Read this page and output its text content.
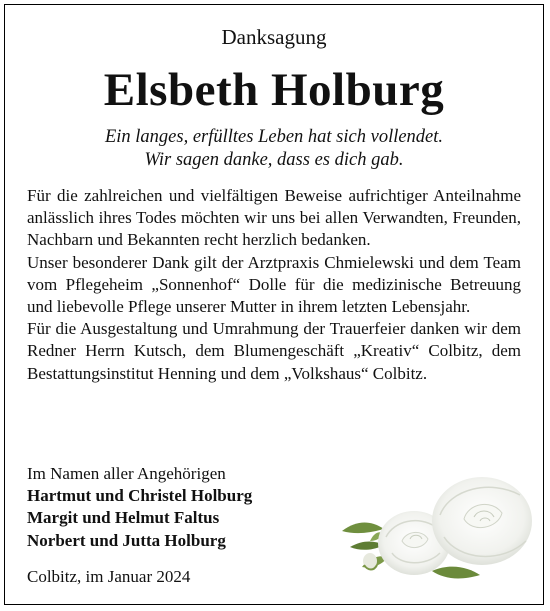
Danksagung
Elsbeth Holburg
Ein langes, erfülltes Leben hat sich vollendet.
Wir sagen danke, dass es dich gab.

Für die zahlreichen und vielfältigen Beweise aufrichtiger Anteilnahme anlässlich ihres Todes möchten wir uns bei allen Verwandten, Freunden, Nachbarn und Bekannten recht herzlich bedanken.

Unser besonderer Dank gilt der Arztpraxis Chmielewski und dem Team vom Pflegeheim „Sonnenhof“ Dolle für die medizinische Betreuung und liebevolle Pflege unserer Mutter in ihrem letzten Lebensjahr.

Für die Ausgestaltung und Umrahmung der Trauerfeier danken wir dem Redner Herrn Kutsch, dem Blumengeschäft „Kreativ“ Colbitz, dem Bestattungsinstitut Henning und dem „Volkshaus“ Colbitz.

Im Namen aller Angehörigen
Hartmut und Christel Holburg
Margit und Helmut Faltus
Norbert und Jutta Holburg
Colbitz, im Januar 2024
